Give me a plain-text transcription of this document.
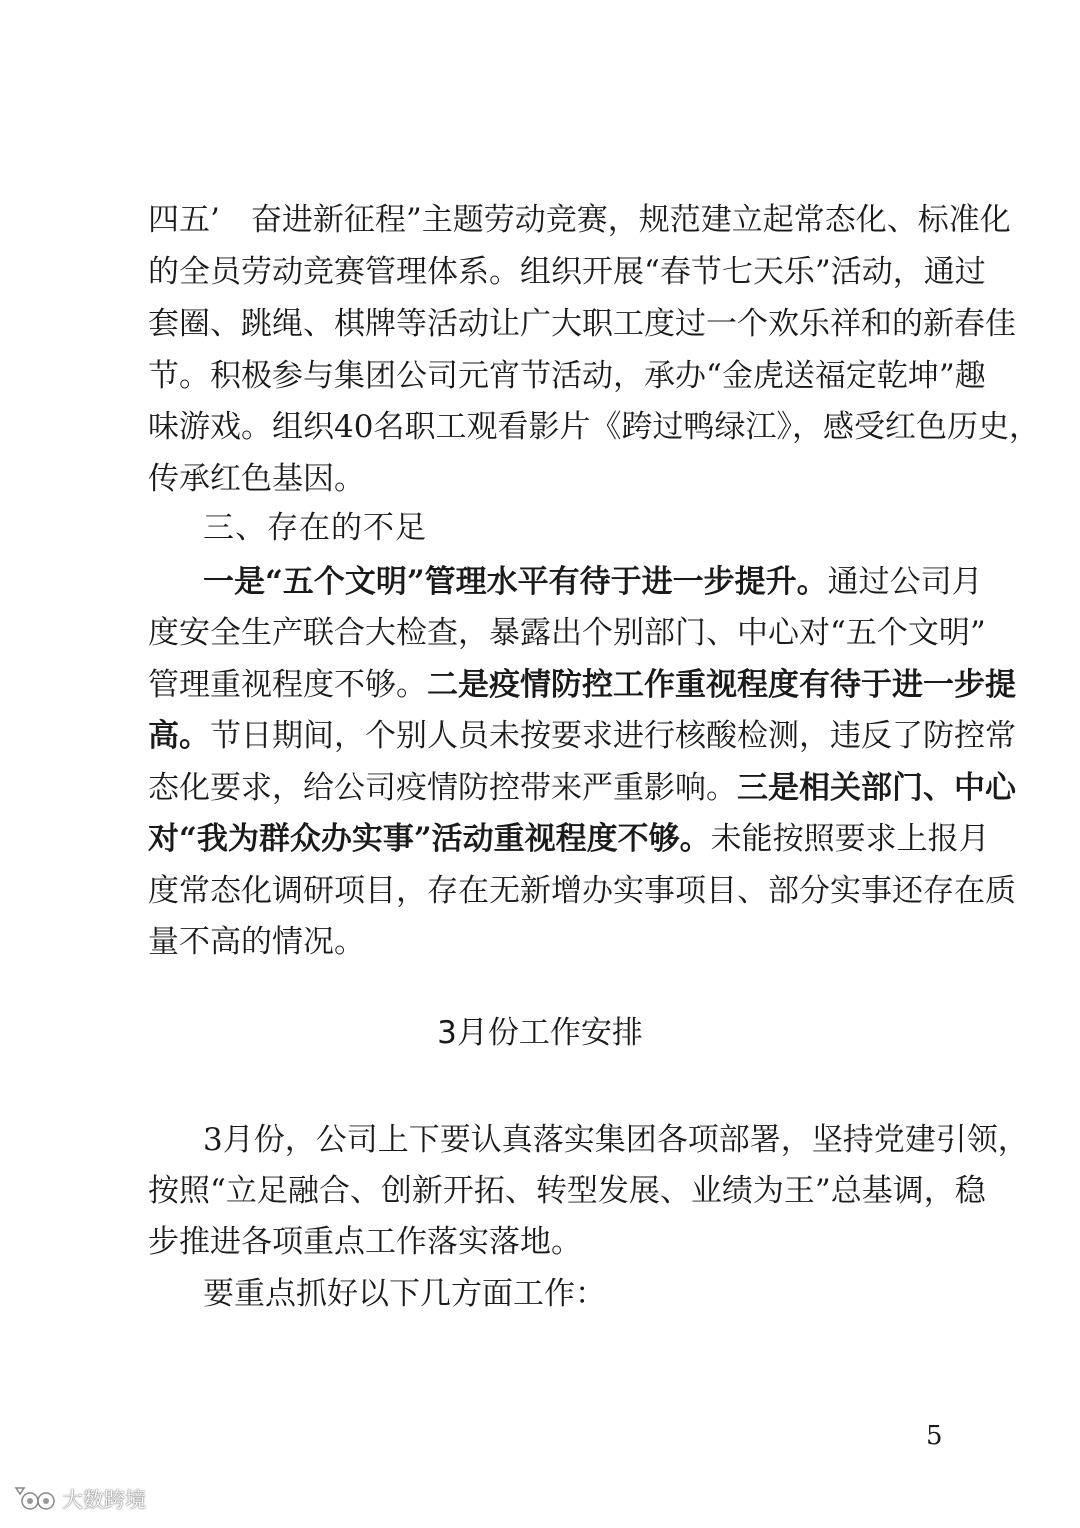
四五’　奋进新征程”主题劳动竞赛，规范建立起常态化、标准化
的全员劳动竞赛管理体系。组织开展“春节七天乐”活动，通过
套圈、跳绳、棋牌等活动让广大职工度过一个欢乐祥和的新春佳
节。积极参与集团公司元宵节活动，承办“金虎送福定乾坤”趣
味游戏。组织40名职工观看影片《跨过鸭绿江》，感受红色历史，
传承红色基因。
三、存在的不足
一是“五个文明”管理水平有待于进一步提升。通过公司月
度安全生产联合大检查，暴露出个别部门、中心对“五个文明”
管理重视程度不够。二是疫情防控工作重视程度有待于进一步提
高。节日期间，个别人员未按要求进行核酸检测，违反了防控常
态化要求，给公司疫情防控带来严重影响。三是相关部门、中心
对“我为群众办实事”活动重视程度不够。未能按照要求上报月
度常态化调研项目，存在无新增办实事项目、部分实事还存在质
量不高的情况。
3月份工作安排
3月份，公司上下要认真落实集团各项部署，坚持党建引领，
按照“立足融合、创新开拓、转型发展、业绩为王”总基调，稳
步推进各项重点工作落实落地。
要重点抓好以下几方面工作：
5
大数跨境
